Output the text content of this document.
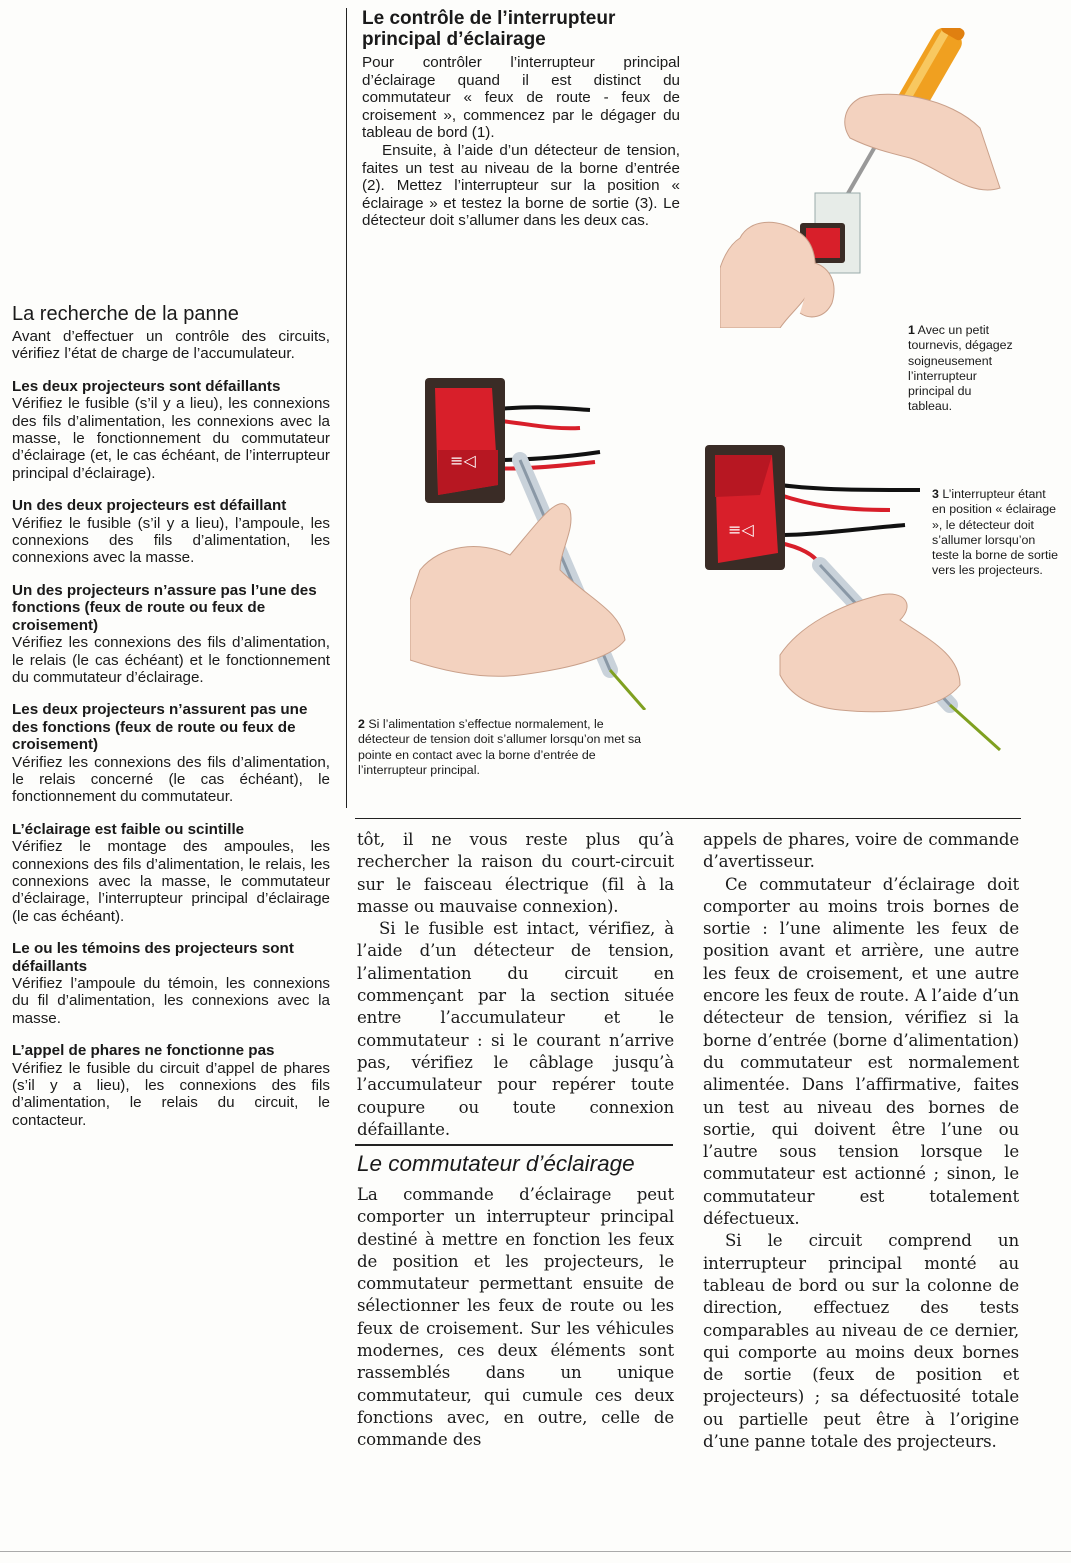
Le contrôle de l’interrupteur principal d’éclairage

Pour contrôler l’interrupteur principal d’éclairage quand il est distinct du commutateur « feux de route - feux de croisement », commencez par le dégager du tableau de bord (1).

Ensuite, à l’aide d’un détecteur de tension, faites un test au niveau de la borne d’entrée (2). Mettez l’interrupteur sur la position « éclairage » et testez la borne de sortie (3). Le détecteur doit s’allumer dans les deux cas.

1 Avec un petit tournevis, dégagez soigneusement l’interrupteur principal du tableau.
≡◁
2 Si l’alimentation s’effectue normalement, le détecteur de tension doit s’allumer lorsqu’on met sa pointe en contact avec la borne d’entrée de l’interrupteur principal.
≡◁
3 L’interrupteur étant en position « éclairage », le détecteur doit s’allumer lorsqu’on teste la borne de sortie vers les projecteurs.
La recherche de la panne

Avant d’effectuer un contrôle des circuits, vérifiez l’état de charge de l’accumulateur.

Les deux projecteurs sont défaillants

Vérifiez le fusible (s’il y a lieu), les connexions des fils d’alimentation, les connexions avec la masse, le fonctionnement du commutateur d’éclairage (et, le cas échéant, de l’interrupteur principal d’éclairage).

Un des deux projecteurs est défaillant

Vérifiez le fusible (s’il y a lieu), l’ampoule, les connexions des fils d’alimentation, les connexions avec la masse.

Un des projecteurs n’assure pas l’une des fonctions (feux de route ou feux de croisement)

Vérifiez les connexions des fils d’alimentation, le relais (le cas échéant) et le fonctionnement du commutateur d’éclairage.

Les deux projecteurs n’assurent pas une des fonctions (feux de route ou feux de croisement)

Vérifiez les connexions des fils d’alimentation, le relais concerné (le cas échéant), le fonctionnement du commutateur.

L’éclairage est faible ou scintille

Vérifiez le montage des ampoules, les connexions des fils d’alimentation, le relais, les connexions avec la masse, le commutateur d’éclairage, l’interrupteur principal d’éclairage (le cas échéant).

Le ou les témoins des projecteurs sont défaillants

Vérifiez l’ampoule du témoin, les connexions du fil d’alimentation, les connexions avec la masse.

L’appel de phares ne fonctionne pas

Vérifiez le fusible du circuit d’appel de phares (s’il y a lieu), les connexions des fils d’alimentation, le relais du circuit, le contacteur.

tôt, il ne vous reste plus qu’à rechercher la raison du court-circuit sur le faisceau électrique (fil à la masse ou mauvaise connexion).

Si le fusible est intact, vérifiez, à l’aide d’un détecteur de tension, l’alimentation du circuit en commençant par la section située entre l’accumulateur et le commutateur : si le courant n’arrive pas, vérifiez le câblage jusqu’à l’accumulateur pour repérer toute coupure ou toute connexion défaillante.

Le commutateur d’éclairage

La commande d’éclairage peut comporter un interrupteur principal destiné à mettre en fonction les feux de position et les projecteurs, le commutateur permettant ensuite de sélectionner les feux de route ou les feux de croisement. Sur les véhicules modernes, ces deux éléments sont rassemblés dans un unique commutateur, qui cumule ces deux fonctions avec, en outre, celle de commande des

appels de phares, voire de commande d’avertisseur.

Ce commutateur d’éclairage doit comporter au moins trois bornes de sortie : l’une alimente les feux de position avant et arrière, une autre les feux de croisement, et une autre encore les feux de route. A l’aide d’un détecteur de tension, vérifiez si la borne d’entrée (borne d’alimentation) du commutateur est normalement alimentée. Dans l’affirmative, faites un test au niveau des bornes de sortie, qui doivent être l’une ou l’autre sous tension lorsque le commutateur est actionné ; sinon, le commutateur est totalement défectueux.

Si le circuit comprend un interrupteur principal monté au tableau de bord ou sur la colonne de direction, effectuez des tests comparables au niveau de ce dernier, qui comporte au moins deux bornes de sortie (feux de position et projecteurs) ; sa défectuosité totale ou partielle peut être à l’origine d’une panne totale des projecteurs.
